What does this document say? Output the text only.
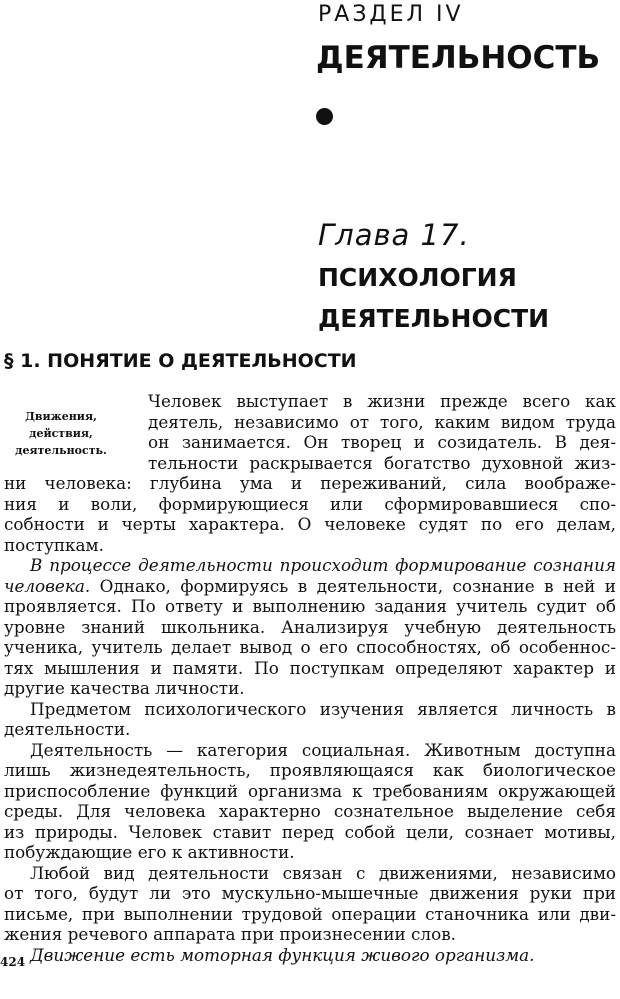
РАЗДЕЛ IV
ДЕЯТЕЛЬНОСТЬ
Глава 17. ПСИХОЛОГИЯ
ДЕЯТЕЛЬНОСТИ
§ 1. ПОНЯТИЕ О ДЕЯТЕЛЬНОСТИ
Движения,
действия,
деятельность.
Человек выступает в жизни прежде всего как
деятель, независимо от того, каким видом труда
он занимается. Он творец и созидатель. В дея-
тельности раскрывается богатство духовной жиз-
ни человека: глубина ума и переживаний, сила воображе-
ния и воли, формирующиеся или сформировавшиеся спо-
собности и черты характера. О человеке судят по его делам,
поступкам.
В процессе деятельности происходит формирование сознания
человека. Однако, формируясь в деятельности, сознание в ней и
проявляется. По ответу и выполнению задания учитель судит об
уровне знаний школьника. Анализируя учебную деятельность
ученика, учитель делает вывод о его способностях, об особеннос-
тях мышления и памяти. По поступкам определяют характер и
другие качества личности.
Предметом психологического изучения является личность в
деятельности.
Деятельность — категория социальная. Животным доступна
лишь жизнедеятельность, проявляющаяся как биологическое
приспособление функций организма к требованиям окружающей
среды. Для человека характерно сознательное выделение себя
из природы. Человек ставит перед собой цели, сознает мотивы,
побуждающие его к активности.
Любой вид деятельности связан с движениями, независимо
от того, будут ли это мускульно-мышечные движения руки при
письме, при выполнении трудовой операции станочника или дви-
жения речевого аппарата при произнесении слов.
Движение есть моторная функция живого организма.
424
